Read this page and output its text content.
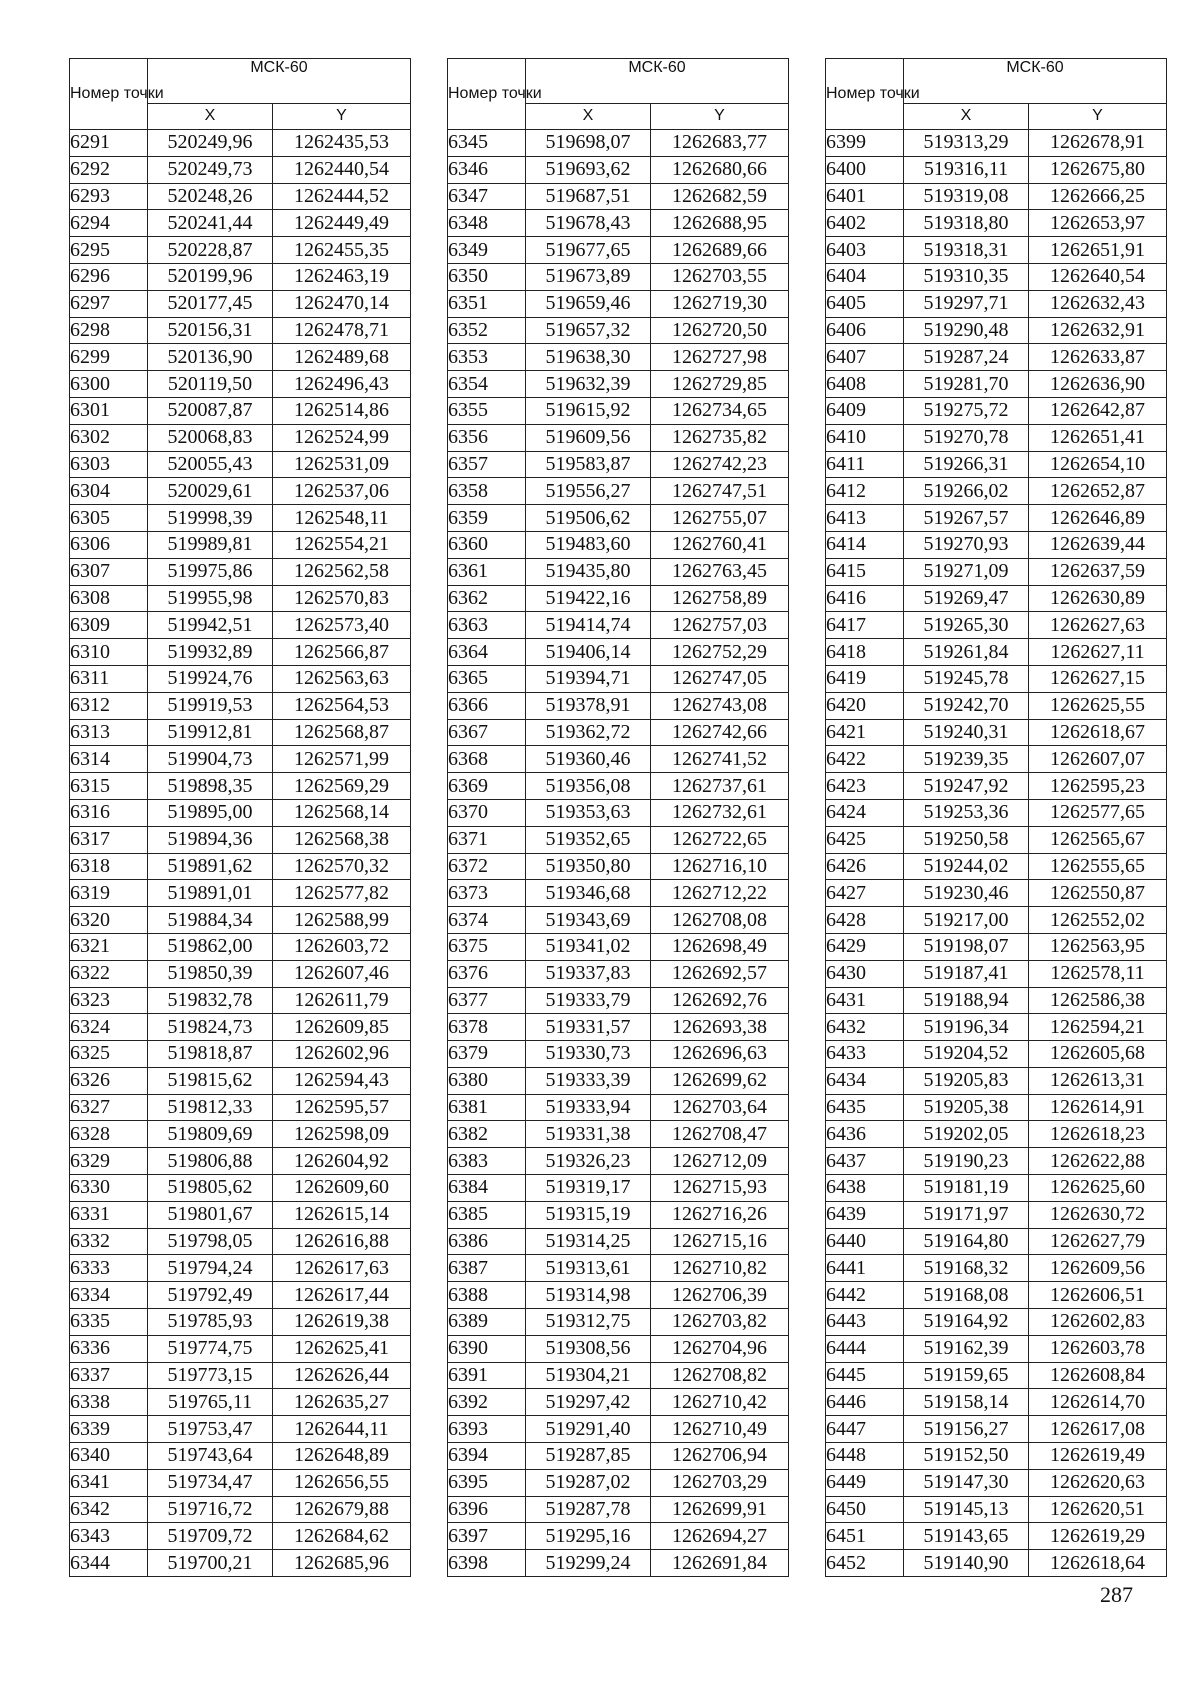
Номер точки	МСК-60	
	X	Y
6291	520249,96	1262435,53
6292	520249,73	1262440,54
6293	520248,26	1262444,52
6294	520241,44	1262449,49
6295	520228,87	1262455,35
6296	520199,96	1262463,19
6297	520177,45	1262470,14
6298	520156,31	1262478,71
6299	520136,90	1262489,68
6300	520119,50	1262496,43
6301	520087,87	1262514,86
6302	520068,83	1262524,99
6303	520055,43	1262531,09
6304	520029,61	1262537,06
6305	519998,39	1262548,11
6306	519989,81	1262554,21
6307	519975,86	1262562,58
6308	519955,98	1262570,83
6309	519942,51	1262573,40
6310	519932,89	1262566,87
6311	519924,76	1262563,63
6312	519919,53	1262564,53
6313	519912,81	1262568,87
6314	519904,73	1262571,99
6315	519898,35	1262569,29
6316	519895,00	1262568,14
6317	519894,36	1262568,38
6318	519891,62	1262570,32
6319	519891,01	1262577,82
6320	519884,34	1262588,99
6321	519862,00	1262603,72
6322	519850,39	1262607,46
6323	519832,78	1262611,79
6324	519824,73	1262609,85
6325	519818,87	1262602,96
6326	519815,62	1262594,43
6327	519812,33	1262595,57
6328	519809,69	1262598,09
6329	519806,88	1262604,92
6330	519805,62	1262609,60
6331	519801,67	1262615,14
6332	519798,05	1262616,88
6333	519794,24	1262617,63
6334	519792,49	1262617,44
6335	519785,93	1262619,38
6336	519774,75	1262625,41
6337	519773,15	1262626,44
6338	519765,11	1262635,27
6339	519753,47	1262644,11
6340	519743,64	1262648,89
6341	519734,47	1262656,55
6342	519716,72	1262679,88
6343	519709,72	1262684,62
6344	519700,21	1262685,96
Номер точки	МСК-60	
	X	Y
6345	519698,07	1262683,77
6346	519693,62	1262680,66
6347	519687,51	1262682,59
6348	519678,43	1262688,95
6349	519677,65	1262689,66
6350	519673,89	1262703,55
6351	519659,46	1262719,30
6352	519657,32	1262720,50
6353	519638,30	1262727,98
6354	519632,39	1262729,85
6355	519615,92	1262734,65
6356	519609,56	1262735,82
6357	519583,87	1262742,23
6358	519556,27	1262747,51
6359	519506,62	1262755,07
6360	519483,60	1262760,41
6361	519435,80	1262763,45
6362	519422,16	1262758,89
6363	519414,74	1262757,03
6364	519406,14	1262752,29
6365	519394,71	1262747,05
6366	519378,91	1262743,08
6367	519362,72	1262742,66
6368	519360,46	1262741,52
6369	519356,08	1262737,61
6370	519353,63	1262732,61
6371	519352,65	1262722,65
6372	519350,80	1262716,10
6373	519346,68	1262712,22
6374	519343,69	1262708,08
6375	519341,02	1262698,49
6376	519337,83	1262692,57
6377	519333,79	1262692,76
6378	519331,57	1262693,38
6379	519330,73	1262696,63
6380	519333,39	1262699,62
6381	519333,94	1262703,64
6382	519331,38	1262708,47
6383	519326,23	1262712,09
6384	519319,17	1262715,93
6385	519315,19	1262716,26
6386	519314,25	1262715,16
6387	519313,61	1262710,82
6388	519314,98	1262706,39
6389	519312,75	1262703,82
6390	519308,56	1262704,96
6391	519304,21	1262708,82
6392	519297,42	1262710,42
6393	519291,40	1262710,49
6394	519287,85	1262706,94
6395	519287,02	1262703,29
6396	519287,78	1262699,91
6397	519295,16	1262694,27
6398	519299,24	1262691,84
Номер точки	МСК-60	
	X	Y
6399	519313,29	1262678,91
6400	519316,11	1262675,80
6401	519319,08	1262666,25
6402	519318,80	1262653,97
6403	519318,31	1262651,91
6404	519310,35	1262640,54
6405	519297,71	1262632,43
6406	519290,48	1262632,91
6407	519287,24	1262633,87
6408	519281,70	1262636,90
6409	519275,72	1262642,87
6410	519270,78	1262651,41
6411	519266,31	1262654,10
6412	519266,02	1262652,87
6413	519267,57	1262646,89
6414	519270,93	1262639,44
6415	519271,09	1262637,59
6416	519269,47	1262630,89
6417	519265,30	1262627,63
6418	519261,84	1262627,11
6419	519245,78	1262627,15
6420	519242,70	1262625,55
6421	519240,31	1262618,67
6422	519239,35	1262607,07
6423	519247,92	1262595,23
6424	519253,36	1262577,65
6425	519250,58	1262565,67
6426	519244,02	1262555,65
6427	519230,46	1262550,87
6428	519217,00	1262552,02
6429	519198,07	1262563,95
6430	519187,41	1262578,11
6431	519188,94	1262586,38
6432	519196,34	1262594,21
6433	519204,52	1262605,68
6434	519205,83	1262613,31
6435	519205,38	1262614,91
6436	519202,05	1262618,23
6437	519190,23	1262622,88
6438	519181,19	1262625,60
6439	519171,97	1262630,72
6440	519164,80	1262627,79
6441	519168,32	1262609,56
6442	519168,08	1262606,51
6443	519164,92	1262602,83
6444	519162,39	1262603,78
6445	519159,65	1262608,84
6446	519158,14	1262614,70
6447	519156,27	1262617,08
6448	519152,50	1262619,49
6449	519147,30	1262620,63
6450	519145,13	1262620,51
6451	519143,65	1262619,29
6452	519140,90	1262618,64
287
